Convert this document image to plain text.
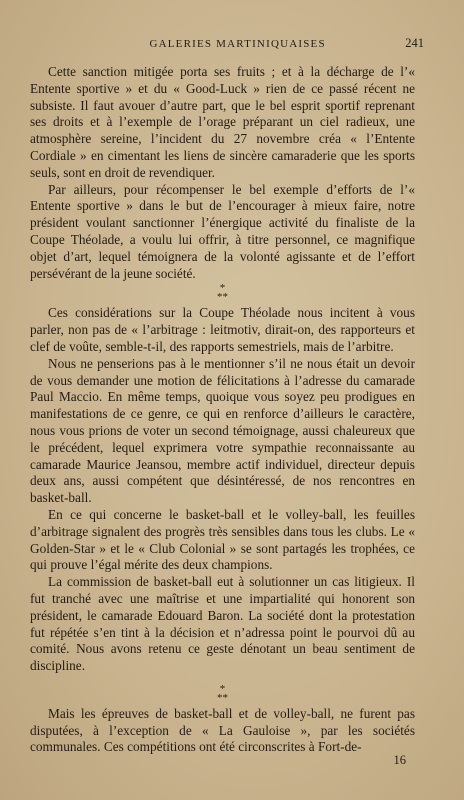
GALERIES MARTINIQUAISES	241

Cette sanction mitigée porta ses fruits ; et à la décharge de l’« Entente sportive » et du « Good-Luck » rien de ce passé récent ne subsiste. Il faut avouer d’autre part, que le bel esprit sportif reprenant ses droits et à l’exemple de l’orage préparant un ciel radieux, une atmosphère sereine, l’incident du 27 novembre créa « l’Entente Cordiale » en cimentant les liens de sincère camaraderie que les sports seuls, sont en droit de revendiquer.

Par ailleurs, pour récompenser le bel exemple d’efforts de l’« Entente sportive » dans le but de l’encourager à mieux faire, notre président voulant sanctionner l’énergique activité du finaliste de la Coupe Théolade, a voulu lui offrir, à titre personnel, ce magnifique objet d’art, lequel témoignera de la volonté agissante et de l’effort persévérant de la jeune société.

*
**

Ces considérations sur la Coupe Théolade nous incitent à vous parler, non pas de « l’arbitrage : leitmotiv, dirait-on, des rapporteurs et clef de voûte, semble-t-il, des rapports semestriels, mais de l’arbitre.

Nous ne penserions pas à le mentionner s’il ne nous était un devoir de vous demander une motion de félicitations à l’adresse du camarade Paul Maccio. En même temps, quoique vous soyez peu prodigues en manifestations de ce genre, ce qui en renforce d’ailleurs le caractère, nous vous prions de voter un second témoignage, aussi chaleureux que le précédent, lequel exprimera votre sympathie reconnaissante au camarade Maurice Jeansou, membre actif individuel, directeur depuis deux ans, aussi compétent que désintéressé, de nos rencontres en basket-ball.

En ce qui concerne le basket-ball et le volley-ball, les feuilles d’arbitrage signalent des progrès très sensibles dans tous les clubs. Le « Golden-Star » et le « Club Colonial » se sont partagés les trophées, ce qui prouve l’égal mérite des deux champions.

La commission de basket-ball eut à solutionner un cas litigieux. Il fut tranché avec une maîtrise et une impartialité qui honorent son président, le camarade Edouard Baron. La société dont la protestation fut répétée s’en tint à la décision et n’adressa point le pourvoi dû au comité. Nous avons retenu ce geste dénotant un beau sentiment de discipline.

*
**

Mais les épreuves de basket-ball et de volley-ball, ne furent pas disputées, à l’exception de « La Gauloise », par les sociétés communales. Ces compétitions ont été circonscrites à Fort-de-

16
